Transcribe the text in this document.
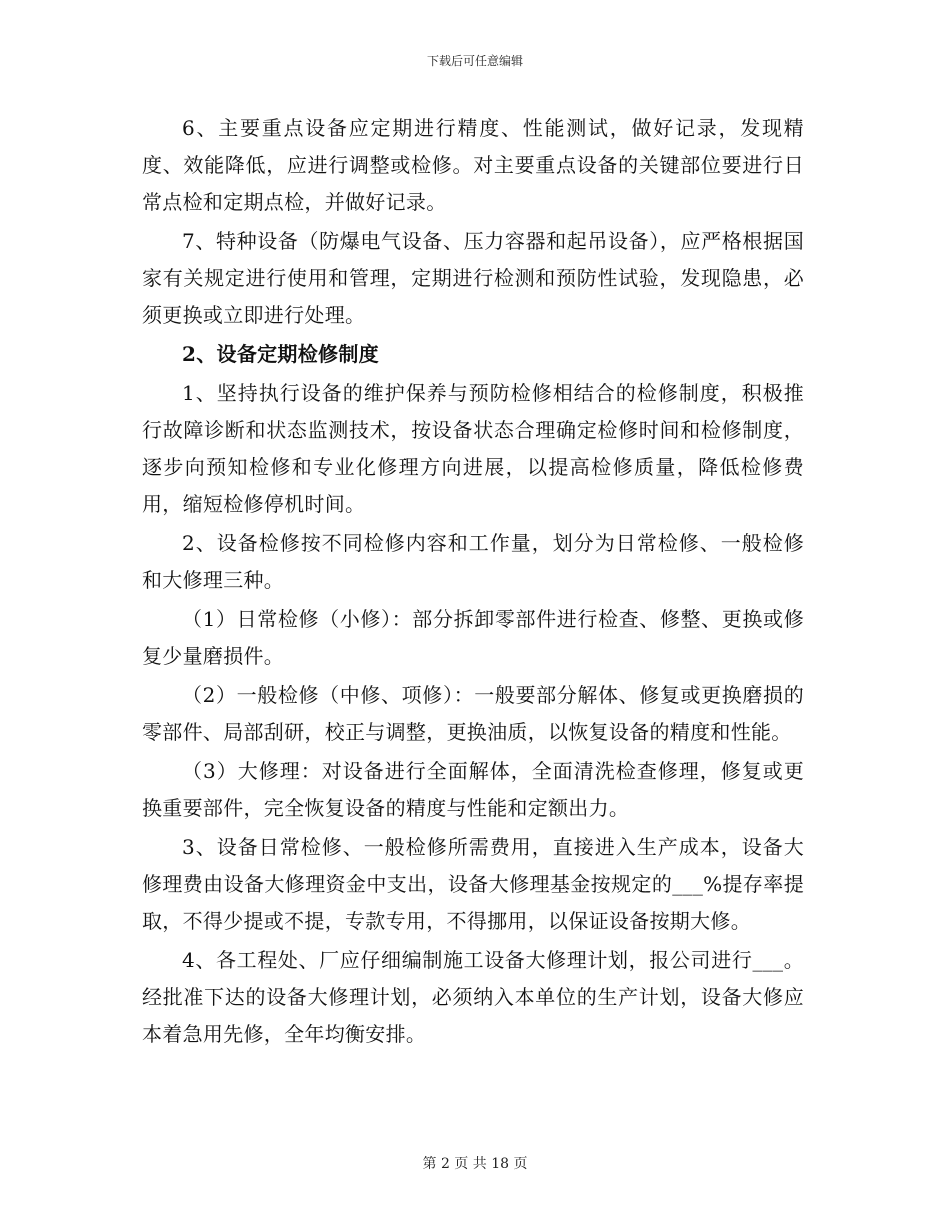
下载后可任意编辑

6、主要重点设备应定期进行精度、性能测试，做好记录，发现精度、效能降低，应进行调整或检修。对主要重点设备的关键部位要进行日常点检和定期点检，并做好记录。

7、特种设备（防爆电气设备、压力容器和起吊设备），应严格根据国家有关规定进行使用和管理，定期进行检测和预防性试验，发现隐患，必须更换或立即进行处理。

2、设备定期检修制度

1、坚持执行设备的维护保养与预防检修相结合的检修制度，积极推行故障诊断和状态监测技术，按设备状态合理确定检修时间和检修制度，逐步向预知检修和专业化修理方向进展，以提高检修质量，降低检修费用，缩短检修停机时间。

2、设备检修按不同检修内容和工作量，划分为日常检修、一般检修和大修理三种。

（1）日常检修（小修）：部分拆卸零部件进行检查、修整、更换或修复少量磨损件。

（2）一般检修（中修、项修）：一般要部分解体、修复或更换磨损的零部件、局部刮研，校正与调整，更换油质，以恢复设备的精度和性能。

（3）大修理：对设备进行全面解体，全面清洗检查修理，修复或更换重要部件，完全恢复设备的精度与性能和定额出力。

3、设备日常检修、一般检修所需费用，直接进入生产成本，设备大修理费由设备大修理资金中支出，设备大修理基金按规定的___%提存率提取，不得少提或不提，专款专用，不得挪用，以保证设备按期大修。

4、各工程处、厂应仔细编制施工设备大修理计划，报公司进行___。经批准下达的设备大修理计划，必须纳入本单位的生产计划，设备大修应本着急用先修，全年均衡安排。

第 2 页 共 18 页
